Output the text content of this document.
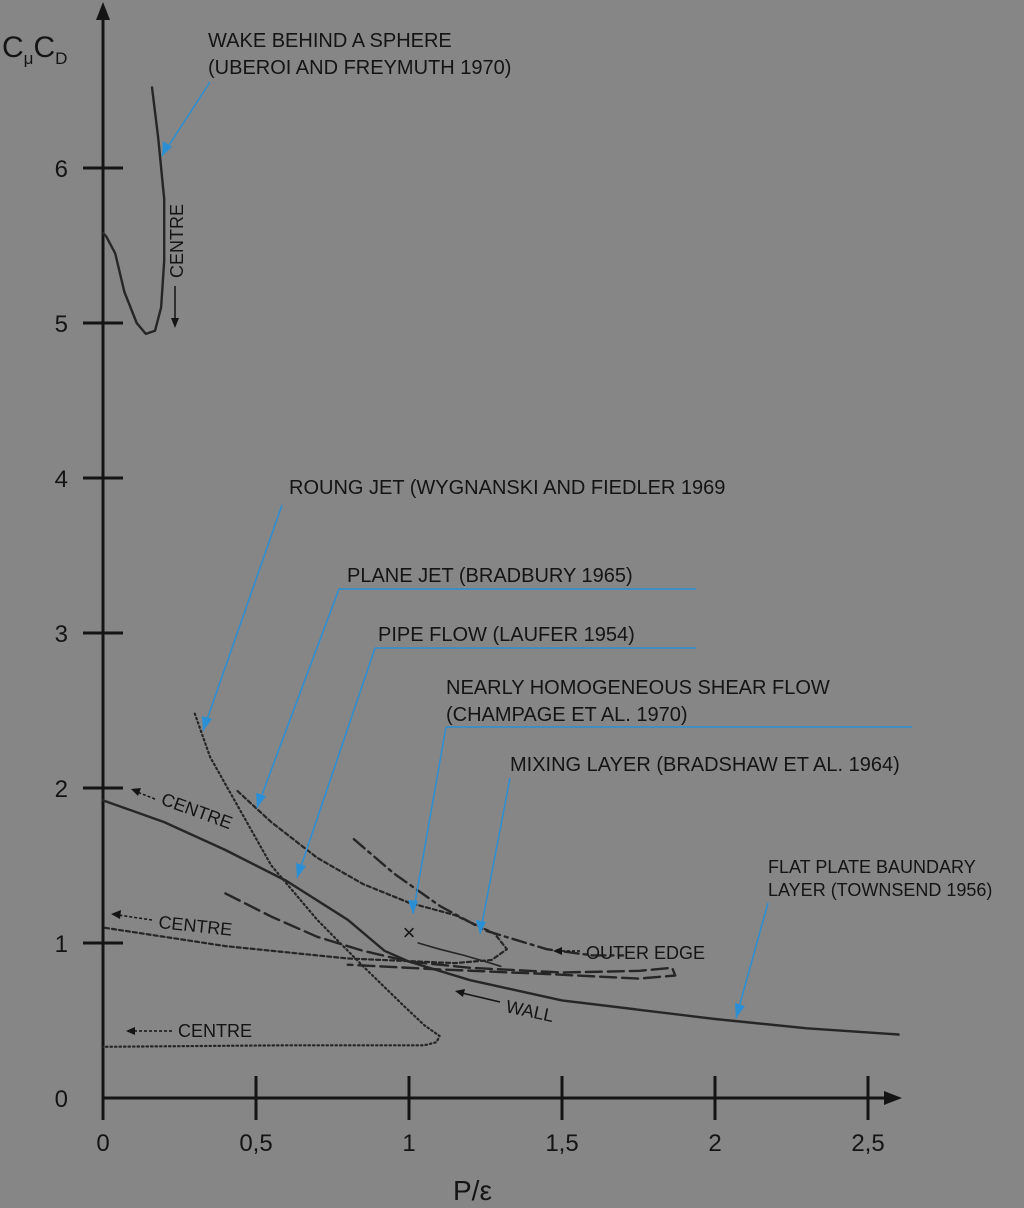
0	0,5	1	1,5	2	2,5
0
1
2
3
4
5
6
$C_\mu C_D$
P/ε
×
WAKE BEHIND A SPHERE
(UBEROI AND FREYMUTH 1970)
ROUNG JET (WYGNANSKI AND FIEDLER 1969
PLANE JET (BRADBURY 1965)
PIPE FLOW (LAUFER 1954)
NEARLY HOMOGENEOUS SHEAR FLOW
(CHAMPAGE ET AL. 1970)
MIXING LAYER (BRADSHAW ET AL. 1964)
FLAT PLATE BAUNDARY
LAYER (TOWNSEND 1956)
CENTRE
CENTRE
CENTRE
CENTRE
OUTER EDGE
WALL
